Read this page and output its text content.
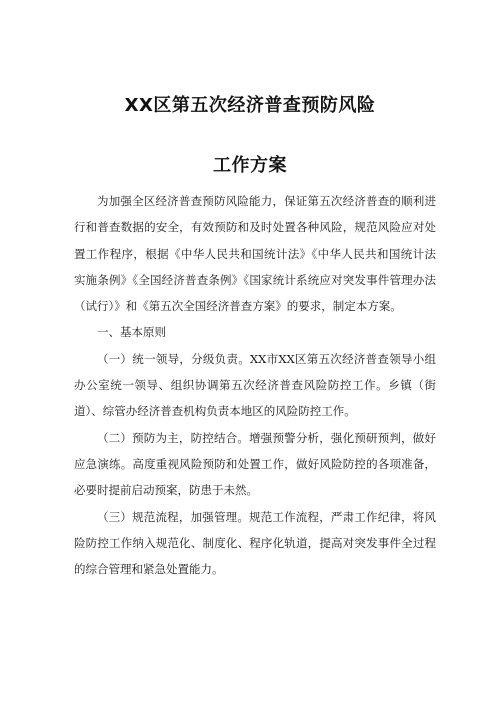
XX区第五次经济普查预防风险
工作方案

为加强全区经济普查预防风险能力，保证第五次经济普查的顺利进行和普查数据的安全，有效预防和及时处置各种风险，规范风险应对处置工作程序，根据《中华人民共和国统计法》《中华人民共和国统计法实施条例》《全国经济普查条例》《国家统计系统应对突发事件管理办法（试行）》和《第五次全国经济普查方案》的要求，制定本方案。

一、基本原则

（一）统一领导，分级负责。XX市XX区第五次经济普查领导小组办公室统一领导、组织协调第五次经济普查风险防控工作。乡镇（街道）、综管办经济普查机构负责本地区的风险防控工作。

（二）预防为主，防控结合。增强预警分析，强化预研预判，做好应急演练。高度重视风险预防和处置工作，做好风险防控的各项准备，必要时提前启动预案，防患于未然。

（三）规范流程，加强管理。规范工作流程，严肃工作纪律，将风险防控工作纳入规范化、制度化、程序化轨道，提高对突发事件全过程的综合管理和紧急处置能力。
